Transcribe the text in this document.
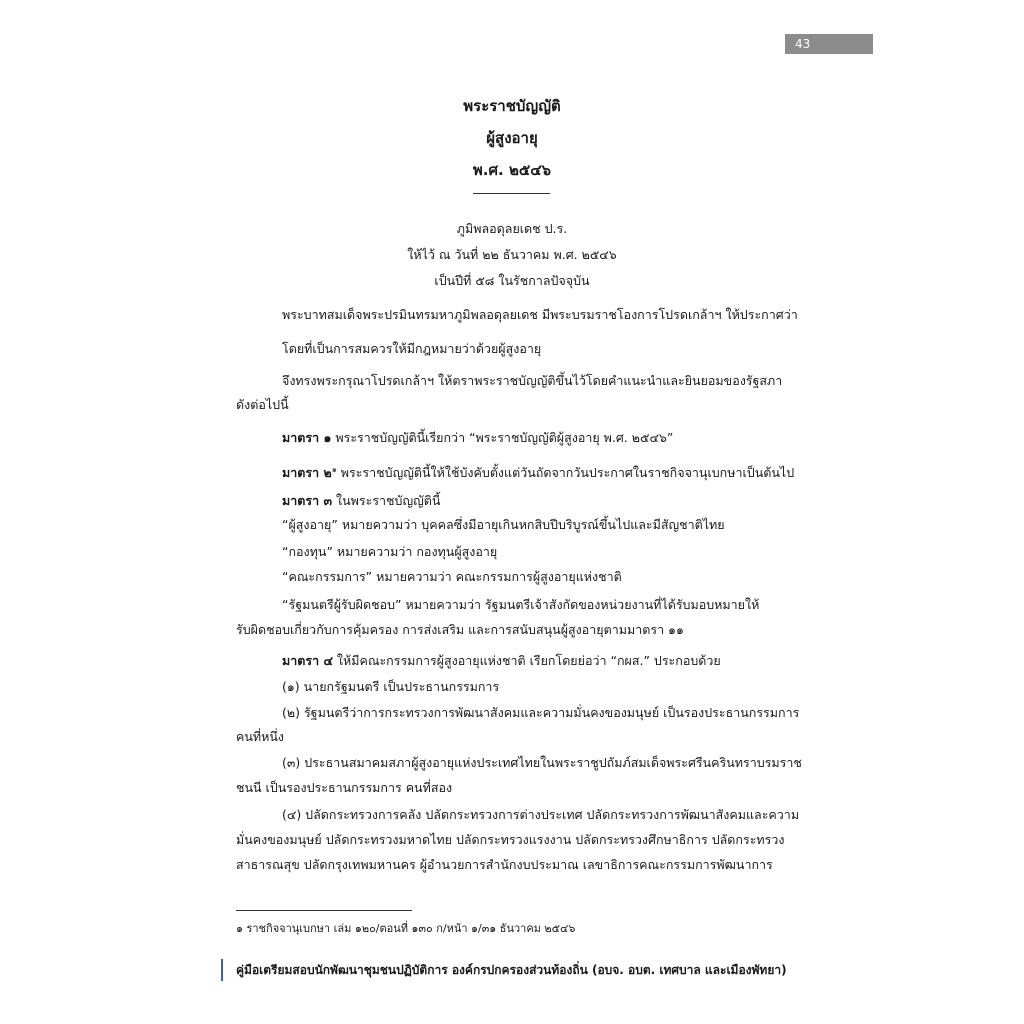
43
พระราชบัญญัติ
ผู้สูงอายุ
พ.ศ. ๒๕๔๖
ภูมิพลอดุลยเดช ป.ร.
ให้ไว้ ณ วันที่ ๒๒ ธันวาคม พ.ศ. ๒๕๔๖
เป็นปีที่ ๕๘ ในรัชกาลปัจจุบัน
พระบาทสมเด็จพระปรมินทรมหาภูมิพลอดุลยเดช มีพระบรมราชโองการโปรดเกล้าฯ ให้ประกาศว่า
โดยที่เป็นการสมควรให้มีกฎหมายว่าด้วยผู้สูงอายุ
จึงทรงพระกรุณาโปรดเกล้าฯ ให้ตราพระราชบัญญัติขึ้นไว้โดยคำแนะนำและยินยอมของรัฐสภา
ดังต่อไปนี้
มาตรา ๑ พระราชบัญญัตินี้เรียกว่า “พระราชบัญญัติผู้สูงอายุ พ.ศ. ๒๕๔๖”
มาตรา ๒$^๑$ พระราชบัญญัตินี้ให้ใช้บังคับตั้งแต่วันถัดจากวันประกาศในราชกิจจานุเบกษาเป็นต้นไป
มาตรา ๓ ในพระราชบัญญัตินี้
“ผู้สูงอายุ” หมายความว่า บุคคลซึ่งมีอายุเกินหกสิบปีบริบูรณ์ขึ้นไปและมีสัญชาติไทย
“กองทุน” หมายความว่า กองทุนผู้สูงอายุ
“คณะกรรมการ” หมายความว่า คณะกรรมการผู้สูงอายุแห่งชาติ
“รัฐมนตรีผู้รับผิดชอบ” หมายความว่า รัฐมนตรีเจ้าสังกัดของหน่วยงานที่ได้รับมอบหมายให้
รับผิดชอบเกี่ยวกับการคุ้มครอง การส่งเสริม และการสนับสนุนผู้สูงอายุตามมาตรา ๑๑
มาตรา ๔ ให้มีคณะกรรมการผู้สูงอายุแห่งชาติ เรียกโดยย่อว่า “กผส.” ประกอบด้วย
(๑) นายกรัฐมนตรี เป็นประธานกรรมการ
(๒) รัฐมนตรีว่าการกระทรวงการพัฒนาสังคมและความมั่นคงของมนุษย์ เป็นรองประธานกรรมการ
คนที่หนึ่ง
(๓) ประธานสมาคมสภาผู้สูงอายุแห่งประเทศไทยในพระราชูปถัมภ์สมเด็จพระศรีนครินทราบรมราช
ชนนี เป็นรองประธานกรรมการ คนที่สอง
(๔) ปลัดกระทรวงการคลัง ปลัดกระทรวงการต่างประเทศ ปลัดกระทรวงการพัฒนาสังคมและความ
มั่นคงของมนุษย์ ปลัดกระทรวงมหาดไทย ปลัดกระทรวงแรงงาน ปลัดกระทรวงศึกษาธิการ ปลัดกระทรวง
สาธารณสุข ปลัดกรุงเทพมหานคร ผู้อำนวยการสำนักงบประมาณ เลขาธิการคณะกรรมการพัฒนาการ
๑ ราชกิจจานุเบกษา เล่ม ๑๒๐/ตอนที่ ๑๓๐ ก/หน้า ๑/๓๑ ธันวาคม ๒๕๔๖
คู่มือเตรียมสอบนักพัฒนาชุมชนปฏิบัติการ องค์กรปกครองส่วนท้องถิ่น (อบจ. อบต. เทศบาล และเมืองพัทยา)
